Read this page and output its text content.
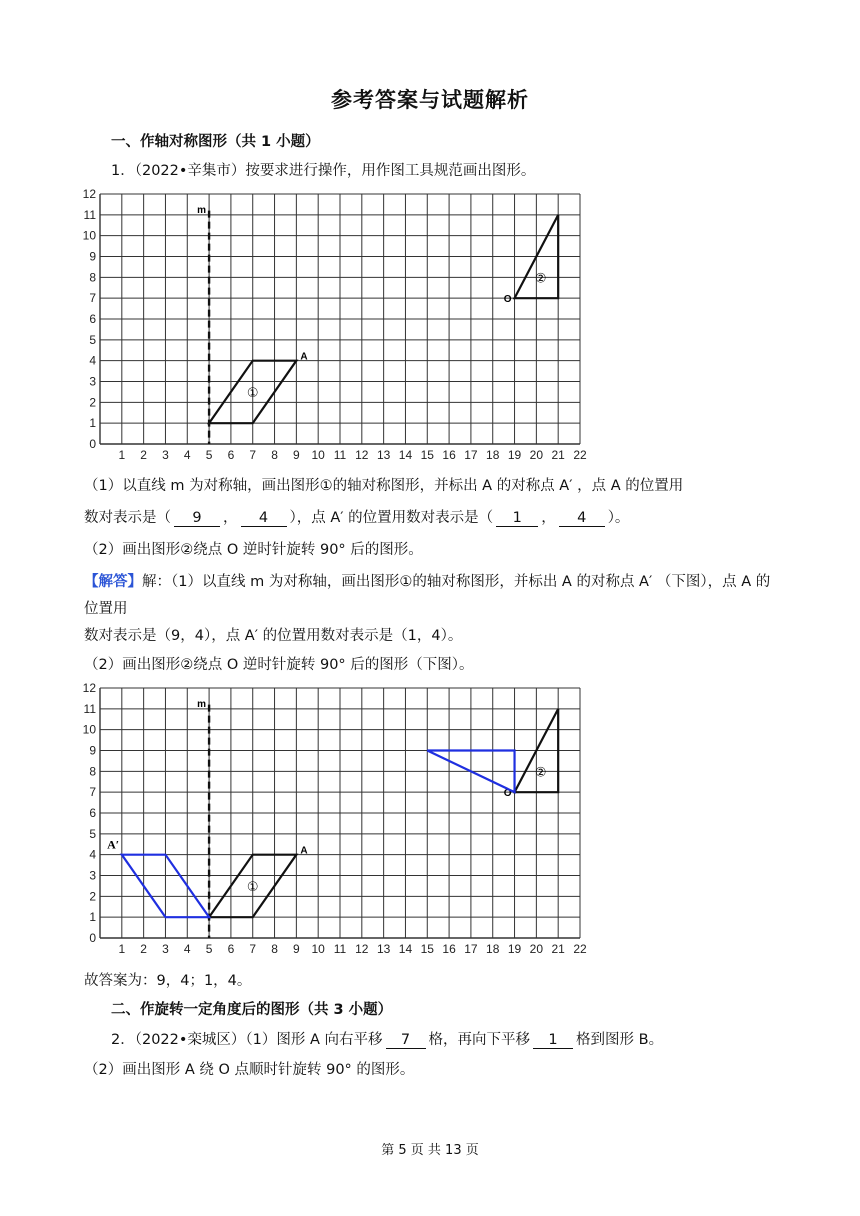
参考答案与试题解析
一、作轴对称图形（共 1 小题）
1．（2022•辛集市）按要求进行操作，用作图工具规范画出图形。
1 2 3 4 5 6 7 8 9 10 11 12 13 14 15 16 17 18 19 20 21 22
0
1
2
3
4
5
6
7
8
9
10
11
12
m
①
A
②
O
（1）以直线 m 为对称轴，画出图形①的轴对称图形，并标出 A 的对称点 A′ ，点 A 的位置用
数对表示是（ 9 ， 4 ），点 A′ 的位置用数对表示是（ 1 ， 4 ）。
（2）画出图形②绕点 O 逆时针旋转 90° 后的图形。
【解答】解：（1）以直线 m 为对称轴，画出图形①的轴对称图形，并标出 A 的对称点 A′ （下图），点 A 的
位置用
数对表示是（9，4），点 A′ 的位置用数对表示是（1，4）。
（2）画出图形②绕点 O 逆时针旋转 90° 后的图形（下图）。
1 2 3 4 5 6 7 8 9 10 11 12 13 14 15 16 17 18 19 20 21 22
0
1
2
3
4
5
6
7
8
9
10
11
12
m
①
A
②
O
A′
故答案为：9，4；1，4。
二、作旋转一定角度后的图形（共 3 小题）
2．（2022•栾城区）（1）图形 A 向右平移 7 格，再向下平移 1 格到图形 B。
（2）画出图形 A 绕 O 点顺时针旋转 90° 的图形。
第 5 页 共 13 页
